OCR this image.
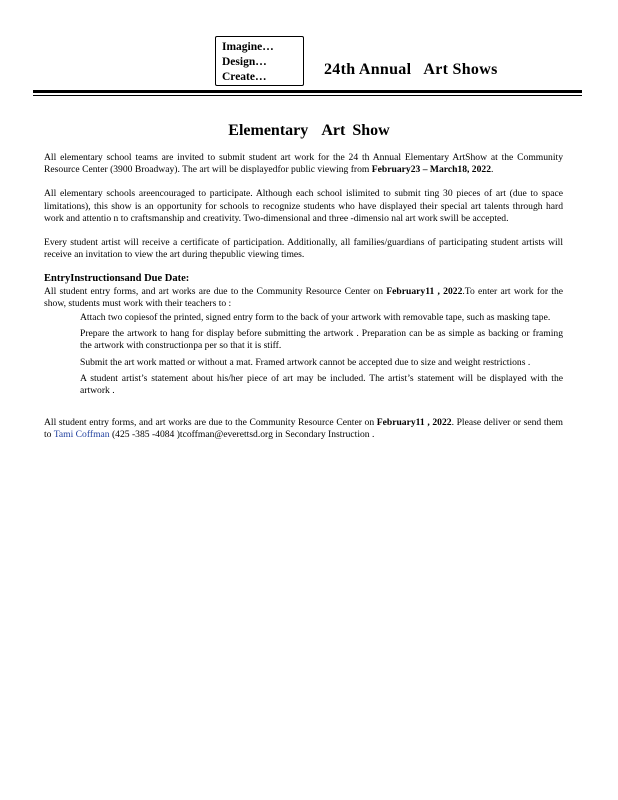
Imagine…
Design…
Create…	24th Annual   Art Shows
Elementary  Art Show

All elementary school teams are invited to submit student art work for the 24 th Annual Elementary ArtShow at the Community Resource Center (3900 Broadway). The art will be displayedfor public viewing from February23 – March18, 2022.

All elementary schools areencouraged to participate. Although each school islimited to submit ting 30 pieces of art (due to space limitations), this show is an opportunity for schools to recognize students who have displayed their special art talents through hard work and attentio n to craftsmanship and creativity. Two-dimensional and three -dimensio nal art work swill be accepted.

Every student artist will receive a certificate of participation. Additionally, all families/guardians of participating student artists will receive an invitation to view the art during thepublic viewing times.

EntryInstructionsand Due Date:

All student entry forms, and art works are due to the Community Resource Center on February11 , 2022.To enter art work for the show, students must work with their teachers to :

Attach two copiesof the printed, signed entry form to the back of your artwork with removable tape, such as masking tape.
Prepare the artwork to hang for display before submitting the artwork . Preparation can be as simple as backing or framing the artwork with constructionpa per so that it is stiff.
Submit the art work matted or without a mat. Framed artwork cannot be accepted due to size and weight restrictions .
A student artist’s statement about his/her piece of art may be included. The artist’s statement will be displayed with the artwork .

All student entry forms, and art works are due to the Community Resource Center on February11 , 2022. Please deliver or send them to Tami Coffman (425 -385 -4084 )tcoffman@everettsd.org in Secondary Instruction .
